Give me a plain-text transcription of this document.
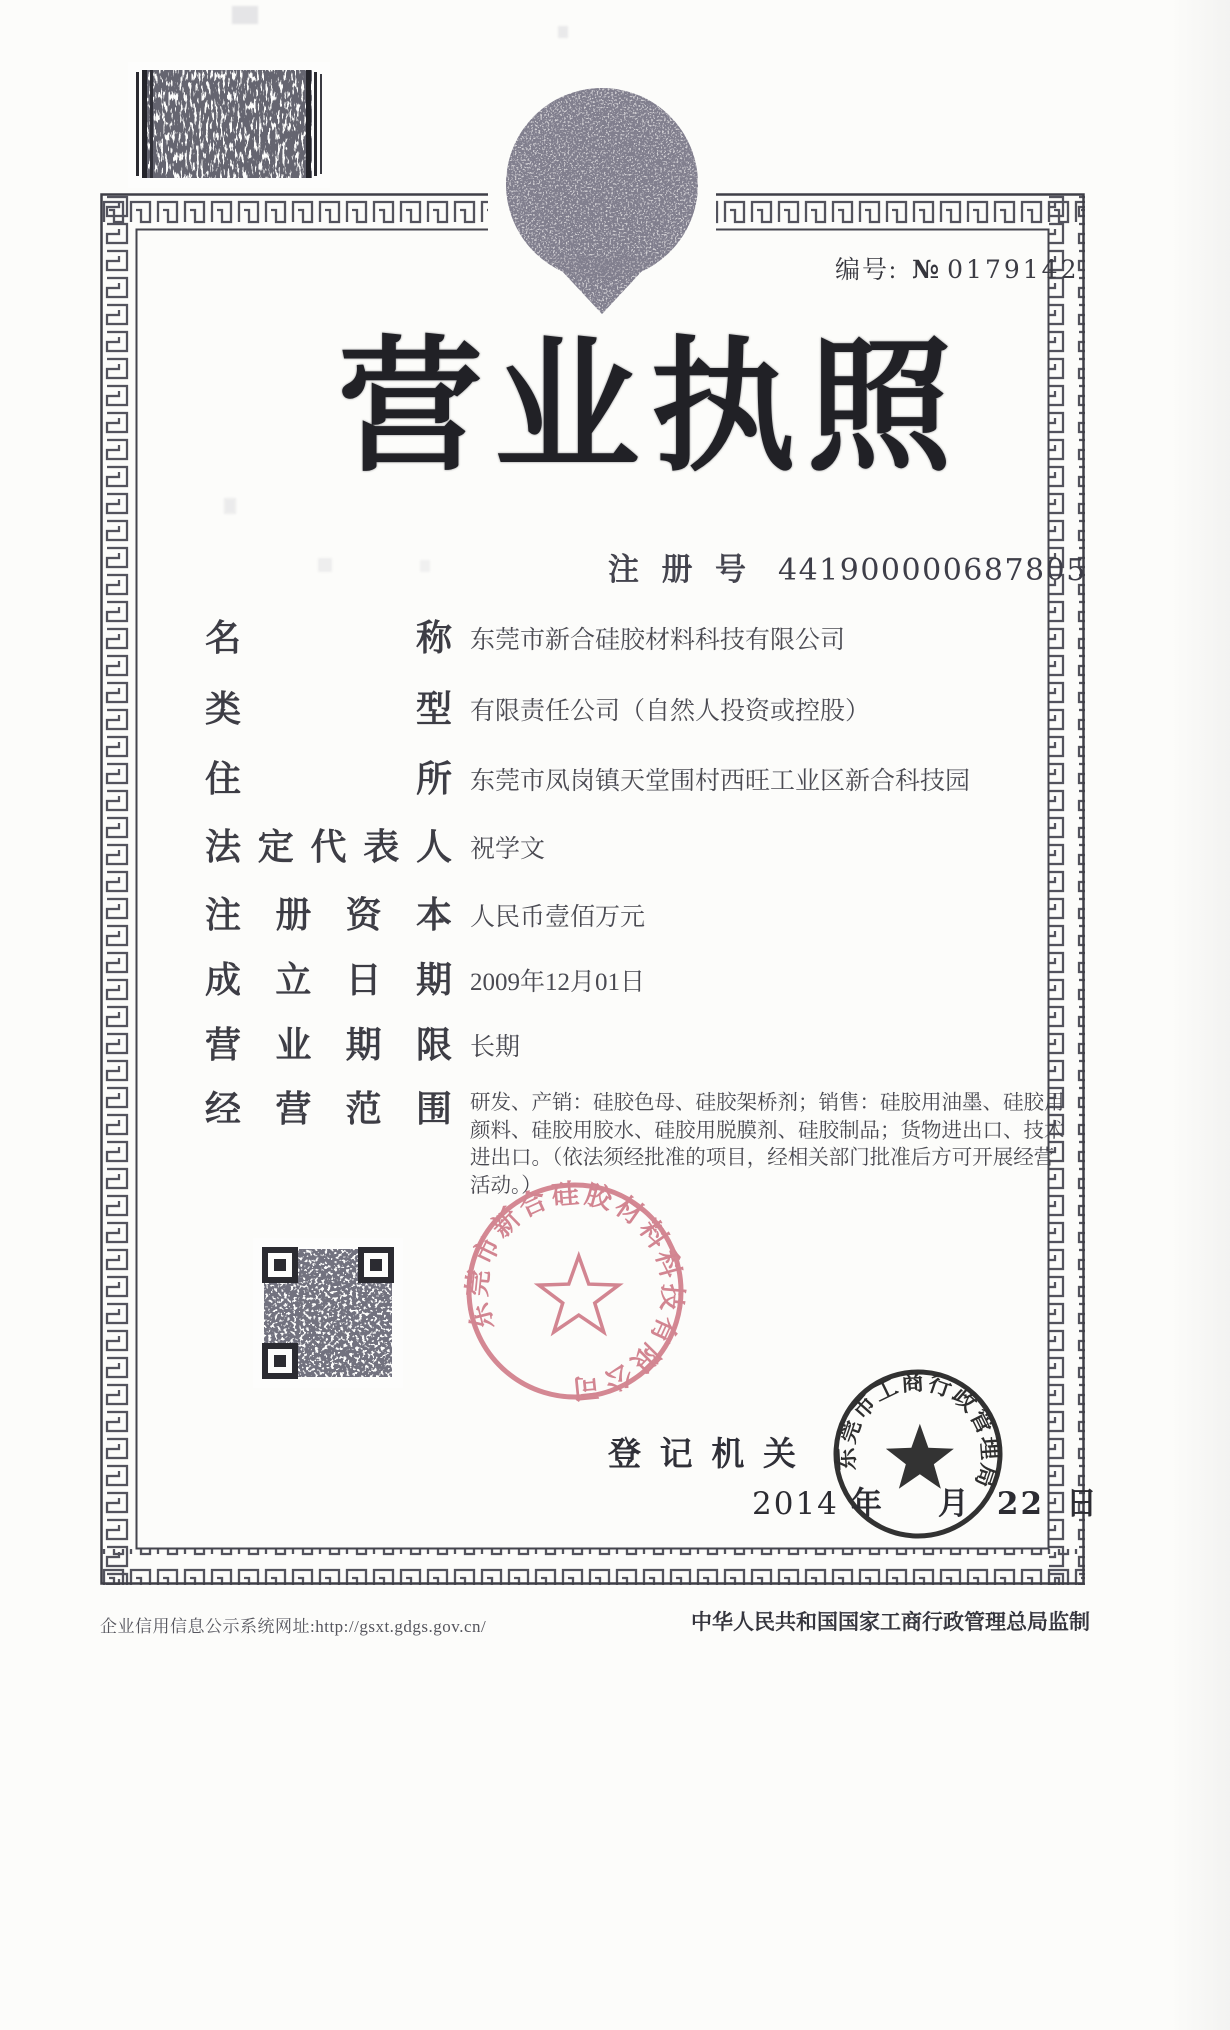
编号: № 0179142
营 业 执 照
注 册 号 441900000687805
名	称 东莞市新合硅胶材料科技有限公司
类	型 有限责任公司（自然人投资或控股）
住	所 东莞市凤岗镇天堂围村西旺工业区新合科技园
法 定 代 表 人 祝学文
注 册 资 本 人民币壹佰万元
成 立 日 期 2009年12月01日
营 业 期 限 长期
经 营 范 围 研发、产销：硅胶色母、硅胶架桥剂；销售：硅胶用油墨、硅胶用颜料、硅胶用胶水、硅胶用脱膜剂、硅胶制品；货物进出口、技术进出口。（依法须经批准的项目，经相关部门批准后方可开展经营活动。）
东莞市新合硅胶材料科技有限公司
登 记 机 关	东莞市工商行政管理局
2014 年 月 22 日
企业信用信息公示系统网址:http://gsxt.gdgs.gov.cn/	中华人民共和国国家工商行政管理总局监制
